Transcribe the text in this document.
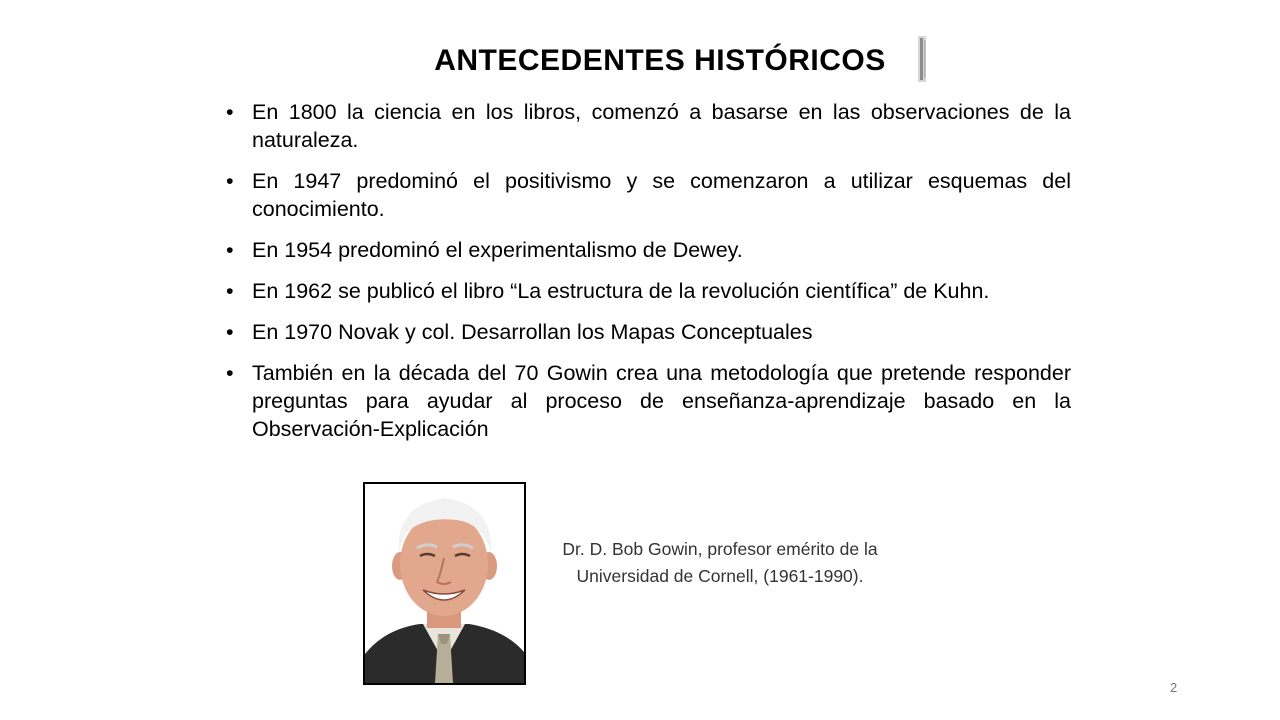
ANTECEDENTES HISTÓRICOS
• En 1800 la ciencia en los libros, comenzó a basarse en las observaciones de la naturaleza.
• En 1947 predominó el positivismo y se comenzaron a utilizar esquemas del conocimiento.
• En 1954 predominó el experimentalismo de Dewey.
• En 1962 se publicó el libro “La estructura de la revolución científica” de Kuhn.
• En 1970 Novak y col. Desarrollan los Mapas Conceptuales
• También en la década del 70 Gowin crea una metodología que pretende responder preguntas para ayudar al proceso de enseñanza-aprendizaje basado en la Observación-Explicación
Dr. D. Bob Gowin, profesor emérito de la
Universidad de Cornell, (1961-1990).
2
